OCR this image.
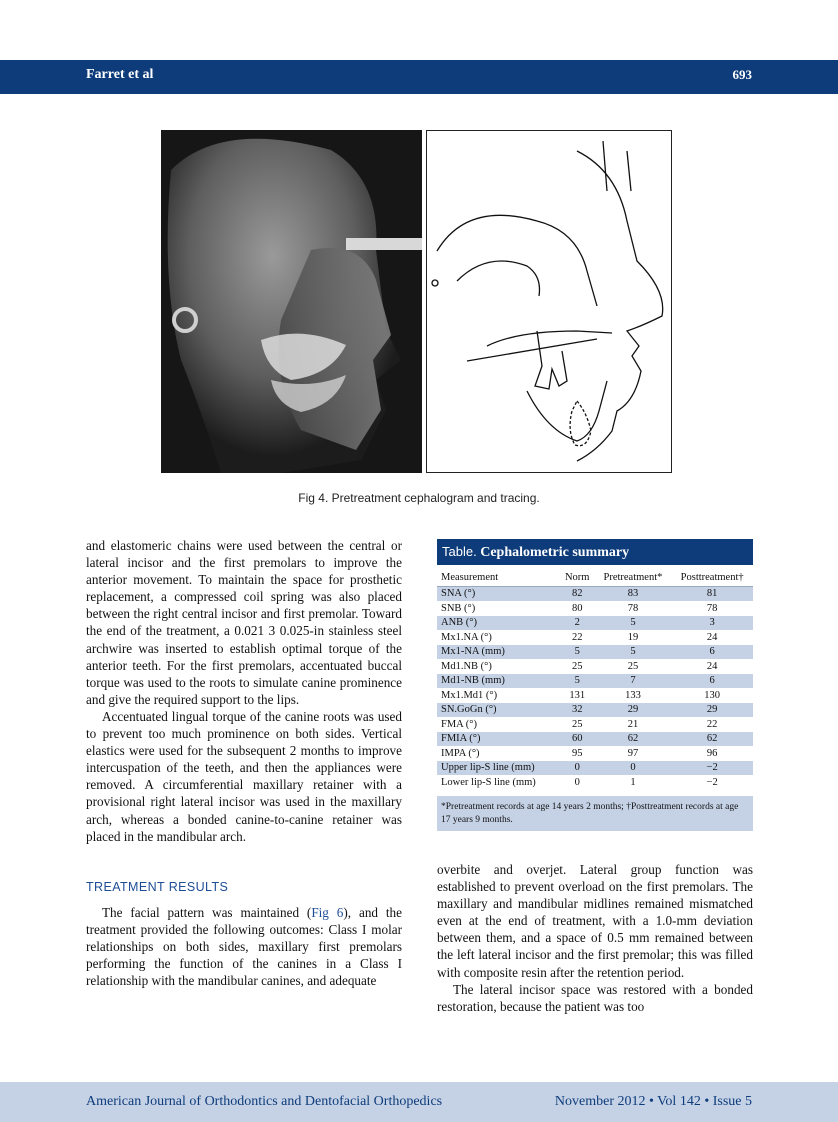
Farret et al	693
Fig 4. Pretreatment cephalogram and tracing.

and elastomeric chains were used between the central or lateral incisor and the first premolars to improve the anterior movement. To maintain the space for prosthetic replacement, a compressed coil spring was also placed between the right central incisor and first premolar. Toward the end of the treatment, a 0.021 3 0.025-in stainless steel archwire was inserted to establish optimal torque of the anterior teeth. For the first premolars, accentuated buccal torque was used to the roots to simulate canine prominence and give the required support to the lips.

Accentuated lingual torque of the canine roots was used to prevent too much prominence on both sides. Vertical elastics were used for the subsequent 2 months to improve intercuspation of the teeth, and then the appliances were removed. A circumferential maxillary retainer with a provisional right lateral incisor was used in the maxillary arch, whereas a bonded canine-to-canine retainer was placed in the mandibular arch.

TREATMENT RESULTS

The facial pattern was maintained (Fig 6), and the treatment provided the following outcomes: Class I molar relationships on both sides, maxillary first premolars performing the function of the canines in a Class I relationship with the mandibular canines, and adequate

Table. Cephalometric summary
Measurement	Norm	Pretreatment*	Posttreatment†
SNA (°)	82	83	81
SNB (°)	80	78	78
ANB (°)	2	5	3
Mx1.NA (°)	22	19	24
Mx1-NA (mm)	5	5	6
Md1.NB (°)	25	25	24
Md1-NB (mm)	5	7	6
Mx1.Md1 (°)	131	133	130
SN.GoGn (°)	32	29	29
FMA (°)	25	21	22
FMIA (°)	60	62	62
IMPA (°)	95	97	96
Upper lip-S line (mm)	0	0	−2
Lower lip-S line (mm)	0	1	−2
*Pretreatment records at age 14 years 2 months; †Posttreatment records at age 17 years 9 months.

overbite and overjet. Lateral group function was established to prevent overload on the first premolars. The maxillary and mandibular midlines remained mismatched even at the end of treatment, with a 1.0-mm deviation between them, and a space of 0.5 mm remained between the left lateral incisor and the first premolar; this was filled with composite resin after the retention period.

The lateral incisor space was restored with a bonded restoration, because the patient was too

American Journal of Orthodontics and Dentofacial Orthopedics	November 2012 • Vol 142 • Issue 5
